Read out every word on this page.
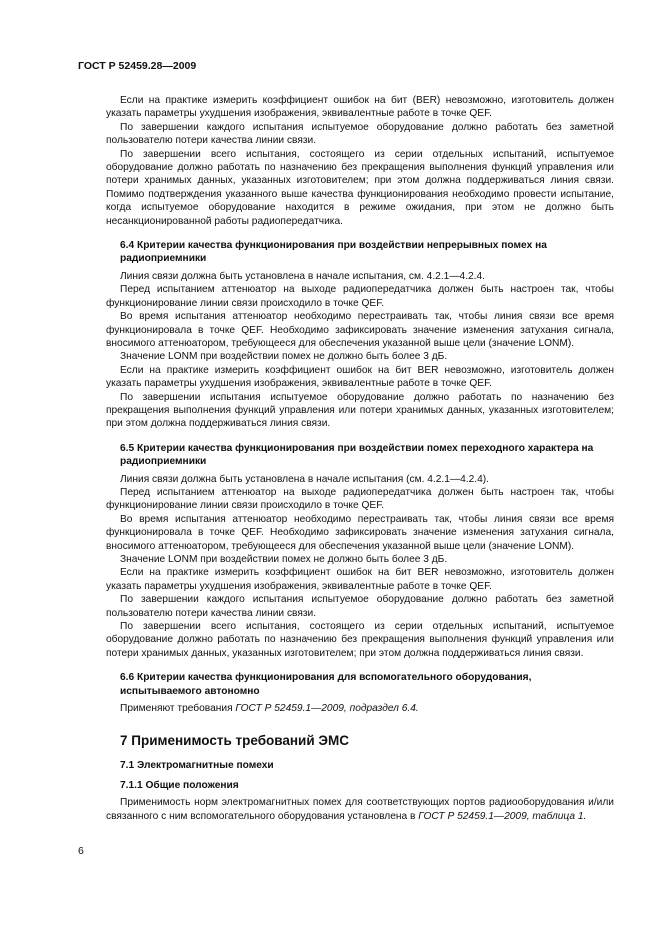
ГОСТ Р 52459.28—2009

Если на практике измерить коэффициент ошибок на бит (BER) невозможно, изготовитель должен указать параметры ухудшения изображения, эквивалентные работе в точке QEF.

По завершении каждого испытания испытуемое оборудование должно работать без заметной пользователю потери качества линии связи.

По завершении всего испытания, состоящего из серии отдельных испытаний, испытуемое оборудование должно работать по назначению без прекращения выполнения функций управления или потери хранимых данных, указанных изготовителем; при этом должна поддерживаться линия связи. Помимо подтверждения указанного выше качества функционирования необходимо провести испытание, когда испытуемое оборудование находится в режиме ожидания, при этом не должно быть несанкционированной работы радиопередатчика.

6.4 Критерии качества функционирования при воздействии непрерывных помех на радиоприемники

Линия связи должна быть установлена в начале испытания, см. 4.2.1—4.2.4.

Перед испытанием аттенюатор на выходе радиопередатчика должен быть настроен так, чтобы функционирование линии связи происходило в точке QEF.

Во время испытания аттенюатор необходимо перестраивать так, чтобы линия связи все время функционировала в точке QEF. Необходимо зафиксировать значение изменения затухания сигнала, вносимого аттенюатором, требующееся для обеспечения указанной выше цели (значение LONM).

Значение LONM при воздействии помех не должно быть более 3 дБ.

Если на практике измерить коэффициент ошибок на бит BER невозможно, изготовитель должен указать параметры ухудшения изображения, эквивалентные работе в точке QEF.

По завершении испытания испытуемое оборудование должно работать по назначению без прекращения выполнения функций управления или потери хранимых данных, указанных изготовителем; при этом должна поддерживаться линия связи.

6.5 Критерии качества функционирования при воздействии помех переходного характера на радиоприемники

Линия связи должна быть установлена в начале испытания (см. 4.2.1—4.2.4).

Перед испытанием аттенюатор на выходе радиопередатчика должен быть настроен так, чтобы функционирование линии связи происходило в точке QEF.

Во время испытания аттенюатор необходимо перестраивать так, чтобы линия связи все время функционировала в точке QEF. Необходимо зафиксировать значение изменения затухания сигнала, вносимого аттенюатором, требующееся для обеспечения указанной выше цели (значение LONM).

Значение LONM при воздействии помех не должно быть более 3 дБ.

Если на практике измерить коэффициент ошибок на бит BER невозможно, изготовитель должен указать параметры ухудшения изображения, эквивалентные работе в точке QEF.

По завершении каждого испытания испытуемое оборудование должно работать без заметной пользователю потери качества линии связи.

По завершении всего испытания, состоящего из серии отдельных испытаний, испытуемое оборудование должно работать по назначению без прекращения выполнения функций управления или потери хранимых данных, указанных изготовителем; при этом должна поддерживаться линия связи.

6.6 Критерии качества функционирования для вспомогательного оборудования, испытываемого автономно

Применяют требования ГОСТ Р 52459.1—2009, подраздел 6.4.

7 Применимость требований ЭМС

7.1 Электромагнитные помехи

7.1.1 Общие положения

Применимость норм электромагнитных помех для соответствующих портов радиооборудования и/или связанного с ним вспомогательного оборудования установлена в ГОСТ Р 52459.1—2009, таблица 1.

6
